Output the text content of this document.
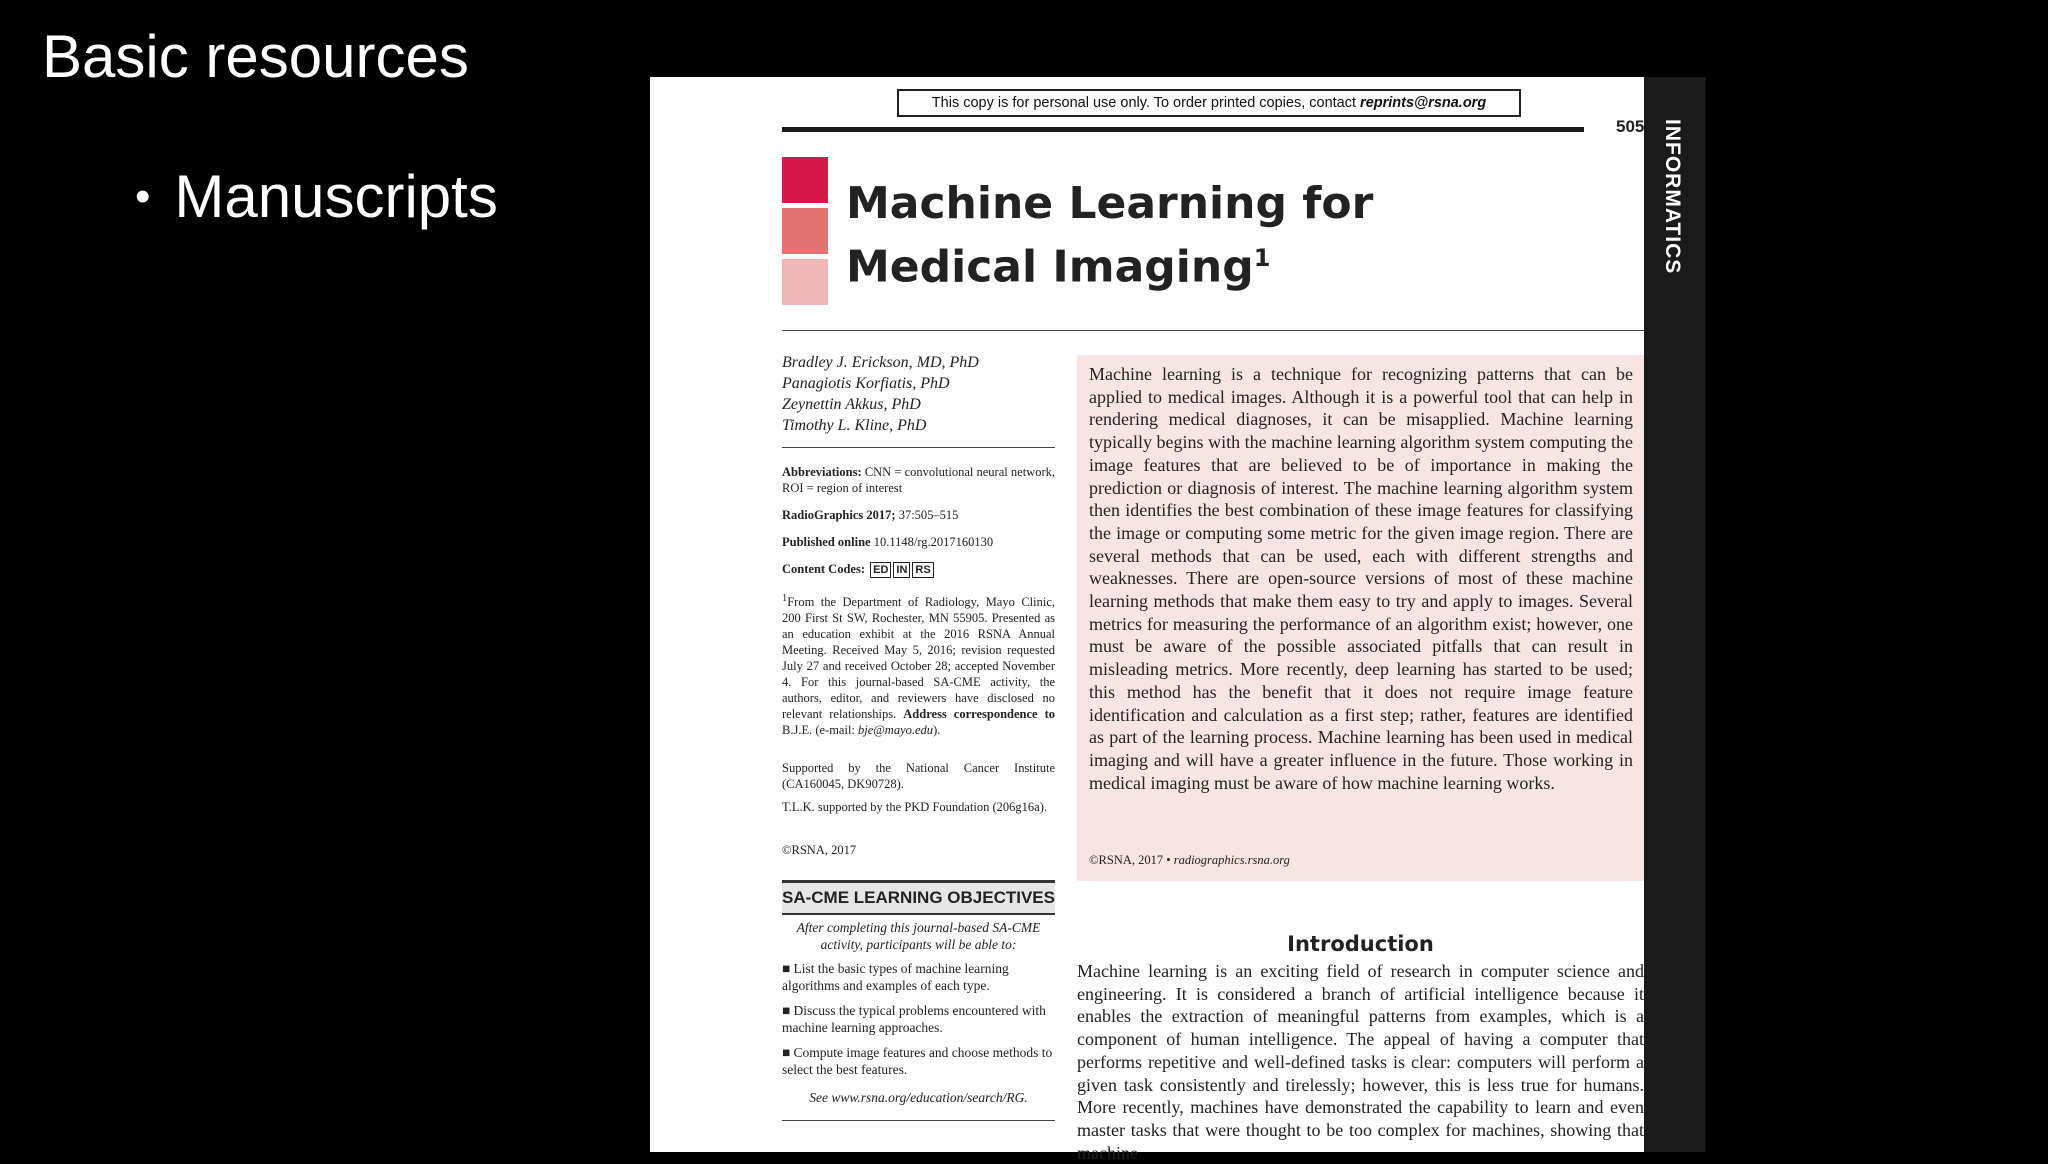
Basic resources
• Manuscripts
This copy is for personal use only. To order printed copies, contact reprints@rsna.org
505 INFORMATICS
Machine Learning for Medical Imaging$^1$
Bradley J. Erickson, MD, PhD
Panagiotis Korfiatis, PhD
Zeynettin Akkus, PhD
Timothy L. Kline, PhD
Abbreviations: CNN = convolutional neural network, ROI = region of interest
RadioGraphics 2017; 37:505–515
Published online 10.1148/rg.2017160130
Content Codes: ED IN RS
$^1$From the Department of Radiology, Mayo Clinic, 200 First St SW, Rochester, MN 55905. Presented as an education exhibit at the 2016 RSNA Annual Meeting. Received May 5, 2016; revision requested July 27 and received October 28; accepted November 4. For this journal-based SA-CME activity, the authors, editor, and reviewers have disclosed no relevant relationships. Address correspondence to B.J.E. (e-mail: bje@mayo.edu).
Supported by the National Cancer Institute (CA160045, DK90728).
T.L.K. supported by the PKD Foundation (206g16a).
©RSNA, 2017
SA-CME LEARNING OBJECTIVES
After completing this journal-based SA-CME activity, participants will be able to:
■ List the basic types of machine learning algorithms and examples of each type.
■ Discuss the typical problems encountered with machine learning approaches.
■ Compute image features and choose methods to select the best features.
See www.rsna.org/education/search/RG.
Machine learning is a technique for recognizing patterns that can be applied to medical images. Although it is a powerful tool that can help in rendering medical diagnoses, it can be misapplied. Machine learning typically begins with the machine learning algorithm system computing the image features that are believed to be of importance in making the prediction or diagnosis of interest. The machine learning algorithm system then identifies the best combination of these image features for classifying the image or computing some metric for the given image region. There are several methods that can be used, each with different strengths and weaknesses. There are open-source versions of most of these machine learning methods that make them easy to try and apply to images. Several metrics for measuring the performance of an algorithm exist; however, one must be aware of the possible associated pitfalls that can result in misleading metrics. More recently, deep learning has started to be used; this method has the benefit that it does not require image feature identification and calculation as a first step; rather, features are identified as part of the learning process. Machine learning has been used in medical imaging and will have a greater influence in the future. Those working in medical imaging must be aware of how machine learning works.
©RSNA, 2017 • radiographics.rsna.org
Introduction
Machine learning is an exciting field of research in computer science and engineering. It is considered a branch of artificial intelligence because it enables the extraction of meaningful patterns from examples, which is a component of human intelligence. The appeal of having a computer that performs repetitive and well-defined tasks is clear: computers will perform a given task consistently and tirelessly; however, this is less true for humans. More recently, machines have demonstrated the capability to learn and even master tasks that were thought to be too complex for machines, showing that machine
